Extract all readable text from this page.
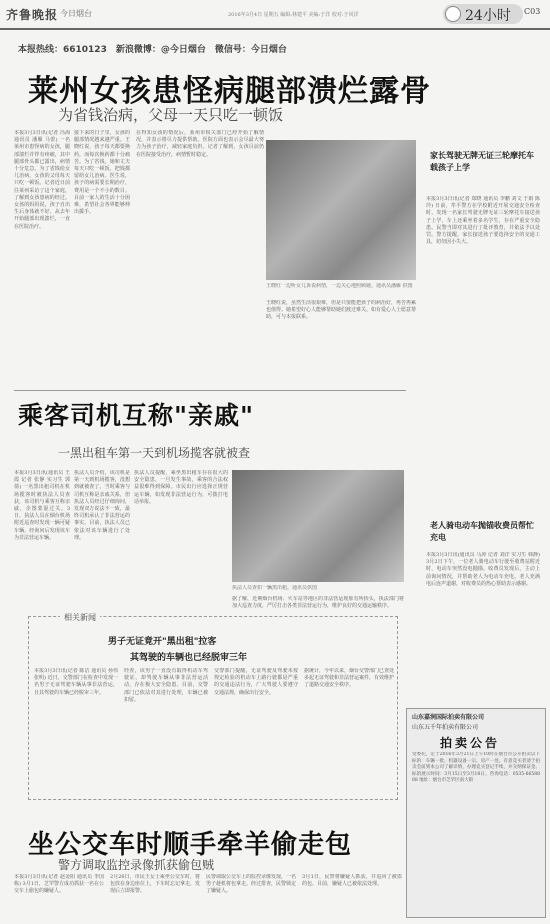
齐鲁晚报 今日烟台	2016年3月4日 星期五 编辑:林建平 美编:于洋 校对:于风洋	24小时 C03
本报热线：6610123　新浪微博：@今日烟台　微信号：今日烟台
莱州女孩患怪病腿部溃烂露骨
为省钱治病，父母一天只吃一顿饭
本报3月3日讯(记者 冯海 通讯员 潘雁 马蕾) 一名莱州市患怪病的女孩，腿部溃烂并伴有疼痛，其中腿部骨头都已露出，病情十分危急。为了省钱给女儿治病，女孩的父母每天只吃一顿饭。记者近日前往莱州采访了这个家庭，了解到女孩患病的经过。女孩的妈妈说，孩子自出生后身体就不好，从去年开始腿部出现溃烂，一直在医院治疗。
接下来的日子里，女孩的腿部情况越来越严重。王晓红说，孩子每天都要换药，而每次换药都十分痛苦。为了省钱，她和丈夫每天只吃一顿饭，把钱都留给女儿治病。医生说，孩子的病需要长期治疗，费用是一个不小的数目。目前一家人的生活十分困难，希望社会各界能够伸出援手。
在得知女孩的情况后，莱州市相关部门已经开始了解情况，并表示将尽力提供帮助。医院方面也表示会尽最大努力为孩子治疗，减轻家庭负担。记者了解到，女孩目前仍在医院接受治疗，病情暂时稳定。
王晓红一边听女儿诉说病情，一边关心地照顾她。通讯员潘雁 供图
王晓红说，虽然生活很艰难，但是只要能把孩子的病治好，再苦再累也值得。她希望好心人能够帮助她们渡过难关。如有爱心人士愿意帮助，可与本报联系。
家长驾驶无牌无证三轮摩托车载孩子上学
本报3月3日讯(记者 郑晓 通讯员 李鹏 刘文 于娟 陈玲) 日前，牟平警方在学校附近开展交通安全检查时，发现一名家长驾驶无牌无证三轮摩托车接送孩子上学，车上还乘坐着多名学生，存在严重安全隐患。民警当即对其进行了批评教育，并依法予以处罚。警方提醒，家长接送孩子要选择安全的交通工具，切勿因小失大。
乘客司机互称"亲戚"
一黑出租车第一天到机场揽客就被查
本报3月3日讯(通讯员 王霞 记者 张静 实习生 郭倩) 一名黑出租司机在机场揽客时被执法人员查获，该司机与乘客互称亲戚，企图蒙混过关。3日，执法人员在烟台机场附近巡查时发现一辆可疑车辆，经询问后发现该车为非法营运车辆。
执法人员介绍，该司机是第一天到机场揽客，没想到就被查了。当时乘客与司机互称是亲戚关系，但执法人员经过仔细询问，发现双方说法不一致，最终司机承认了非法营运的事实。目前，执法人员已依法对该车辆进行了处理。
执法人员提醒，乘坐黑出租车存在很大的安全隐患，一旦发生事故，乘客的合法权益很难得到保障。市民出行应选择正规营运车辆，如发现非法营运行为，可拨打电话举报。
执法人员查扣一辆黑出租。通讯员供图
据了解，近期烟台机场、火车站等地区的非法营运现象有所抬头，执法部门将加大巡查力度，严厉打击各类非法营运行为，维护良好的交通运输秩序。
老人骑电动车抛锚收费员帮忙充电
本报3月3日讯(通讯员 马涛 记者 刘洋 实习生 韩静) 3月2日下午，一位老人骑电动车行驶至收费站附近时，电动车突然没电抛锚。收费员发现后，主动上前询问情况，并帮助老人为电动车充电。老人充满电后连声道谢，对收费员的热心帮助表示感谢。
相关新闻
男子无证竟开"黑出租"拉客
其驾驶的车辆也已经脱审三年
本报3月3日讯(记者 陈洁 通讯员 孙伟 张明) 近日，交警部门在检查中发现一名男子无证驾驶车辆从事非法营运，且其驾驶的车辆已经脱审三年。
经查，该男子一直没有取得机动车驾驶证，却驾驶车辆从事非法营运活动，存在极大安全隐患。目前，交警部门已依法对其进行处理，车辆已被扣留。
交警部门提醒，无证驾驶及驾驶未按规定检验的机动车上路行驶都是严重的交通违法行为，广大驾驶人要遵守交通法规，确保出行安全。
据统计，今年以来，烟台交警部门已查处多起无证驾驶和非法营运案件，有效维护了道路交通安全秩序。
山东嘉润国际拍卖有限公司
山东五千年拍卖有限公司
拍卖公告
受委托，定于2016年3月21日上午10时在烟台市公开拍卖以下标的：车辆一批、机器设备一宗、房产一处。有意竞买者请于拍卖会前到本公司了解详情，办理竞买登记手续，并交纳保证金。标的展示时间：3月15日至3月18日。咨询电话：0535-6658888 地址：烟台市芝罘区南大街
坐公交车时顺手牵羊偷走包
警方调取监控录像抓获偷包贼
本报3月3日讯(记者 赵金阳 通讯员 李国栋) 3月1日，芝罘警方成功抓获一名在公交车上偷包的嫌疑人。
2月26日，市民王女士乘坐公交车时，将包放在身边座位上，下车时忘记拿走，发现后立即报警。
民警调取公交车上的监控录像发现，一名男子趁机将包拿走。经过排查，民警锁定了嫌疑人。
3月1日，民警将嫌疑人抓获，并追回了被盗的包。目前，嫌疑人已被依法处理。
